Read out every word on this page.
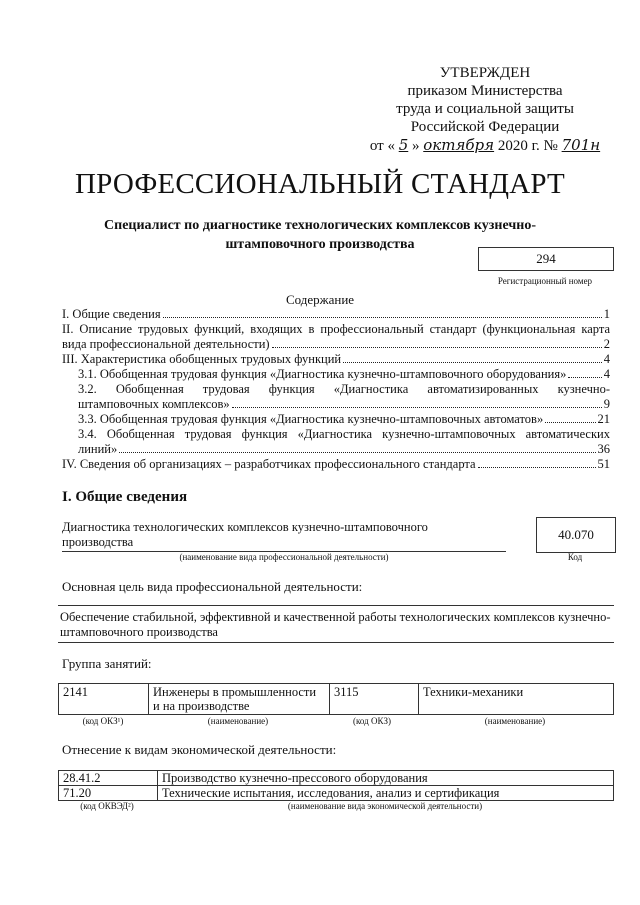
УТВЕРЖДЕН
приказом Министерства
труда и социальной защиты
Российской Федерации
от « 5 » октября 2020 г. № 701н
ПРОФЕССИОНАЛЬНЫЙ СТАНДАРТ
Специалист по диагностике технологических комплексов кузнечно-штамповочного производства
294
Регистрационный номер
Содержание
I. Общие сведения	1
II. Описание трудовых функций, входящих в профессиональный стандарт (функциональная карта
вида профессиональной деятельности)	2
III. Характеристика обобщенных трудовых функций	4
3.1. Обобщенная трудовая функция «Диагностика кузнечно-штамповочного оборудования»	4
3.2. Обобщенная трудовая функция «Диагностика автоматизированных кузнечно-
штамповочных комплексов»	9
3.3. Обобщенная трудовая функция «Диагностика кузнечно-штамповочных автоматов»	21
3.4. Обобщенная трудовая функция «Диагностика кузнечно-штамповочных автоматических
линий»	36
IV. Сведения об организациях – разработчиках профессионального стандарта	51
I. Общие сведения
Диагностика технологических комплексов кузнечно-штамповочного производства
(наименование вида профессиональной деятельности)
40.070
Код
Основная цель вида профессиональной деятельности:
Обеспечение стабильной, эффективной и качественной работы технологических комплексов кузнечно-штамповочного производства
Группа занятий:
2141	Инженеры в промышленности и на производстве	3115	Техники-механики
(код ОКЗ¹)	(наименование)	(код ОКЗ)	(наименование)
Отнесение к видам экономической деятельности:
28.41.2	Производство кузнечно-прессового оборудования
71.20	Технические испытания, исследования, анализ и сертификация
(код ОКВЭД²)	(наименование вида экономической деятельности)
